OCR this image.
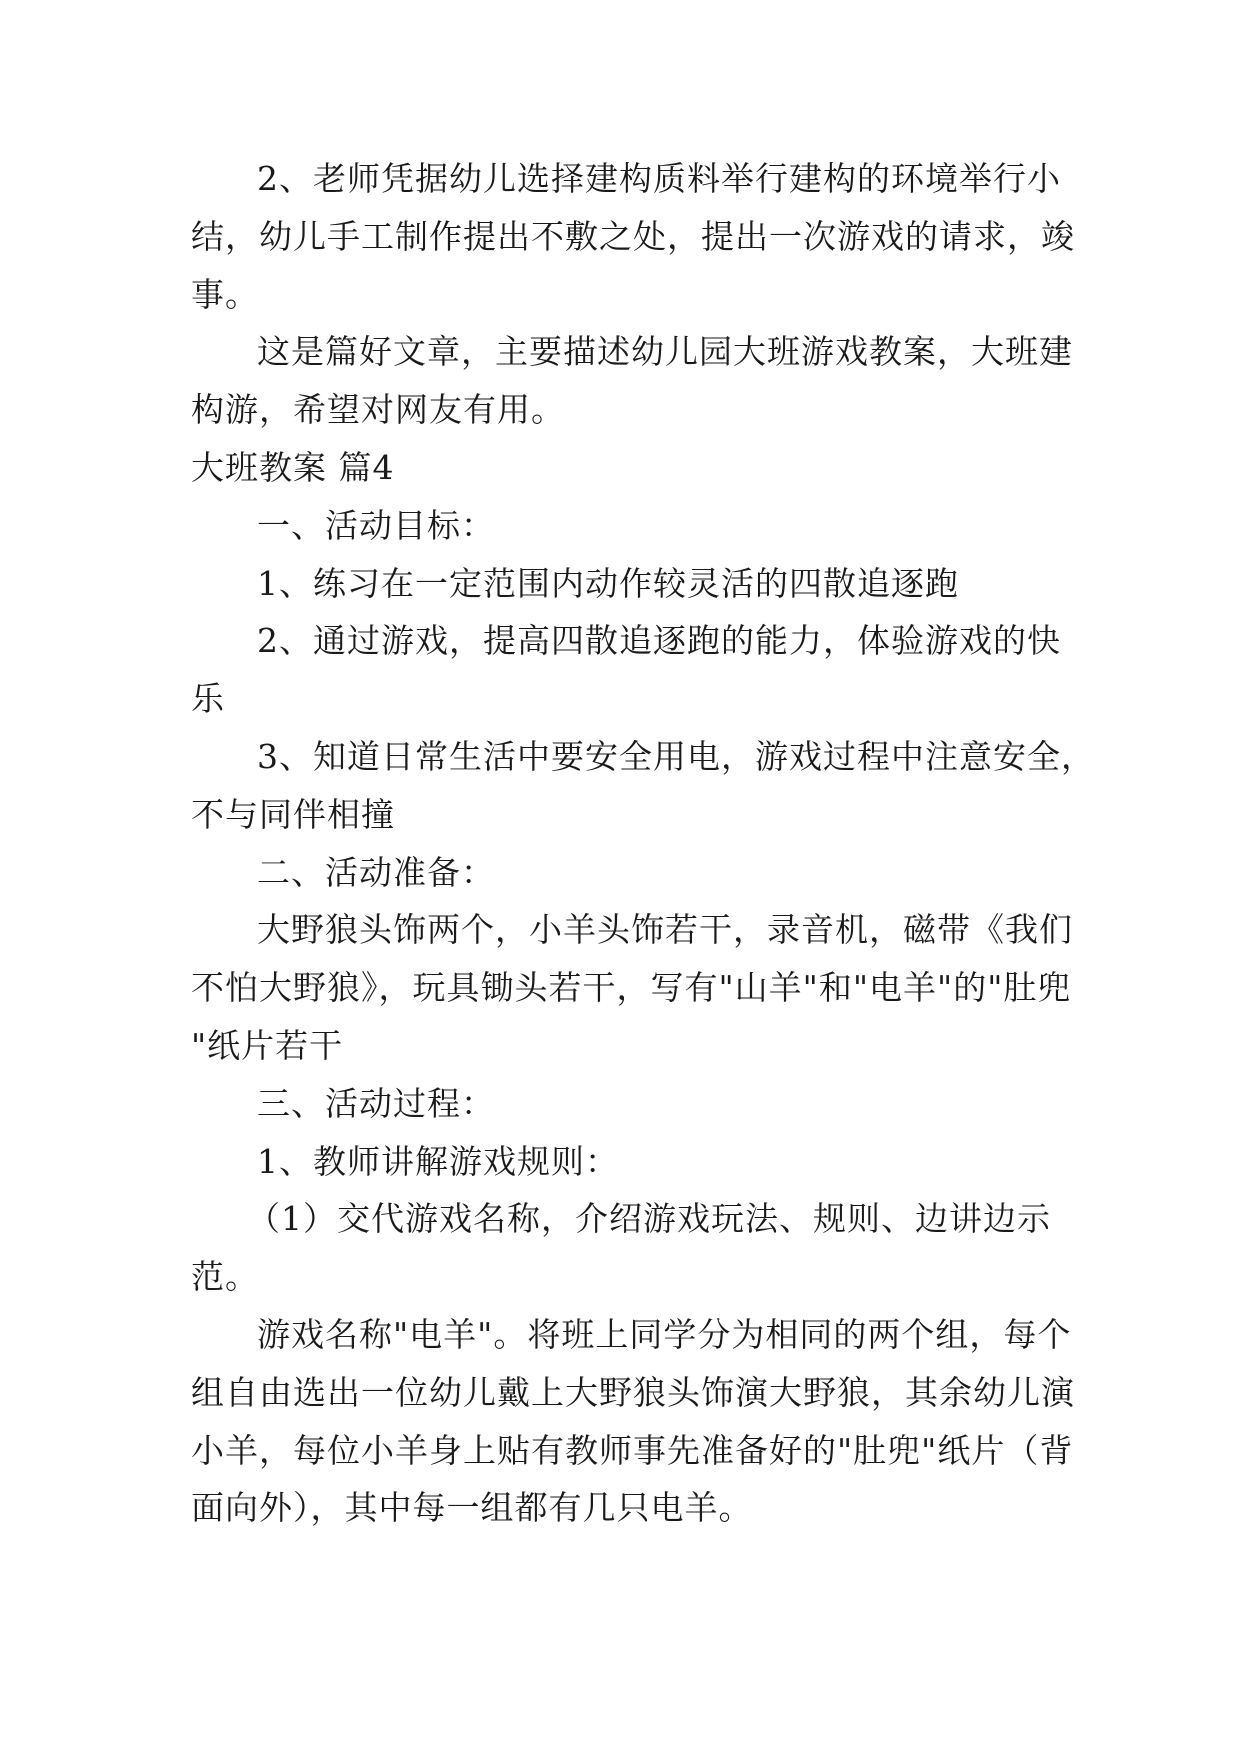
2、老师凭据幼儿选择建构质料举行建构的环境举行小
结，幼儿手工制作提出不敷之处，提出一次游戏的请求，竣
事。
这是篇好文章，主要描述幼儿园大班游戏教案，大班建
构游，希望对网友有用。
大班教案 篇4
一、活动目标：
1、练习在一定范围内动作较灵活的四散追逐跑
2、通过游戏，提高四散追逐跑的能力，体验游戏的快
乐
3、知道日常生活中要安全用电，游戏过程中注意安全，
不与同伴相撞
二、活动准备：
大野狼头饰两个，小羊头饰若干，录音机，磁带《我们
不怕大野狼》，玩具锄头若干，写有"山羊"和"电羊"的"肚兜
"纸片若干
三、活动过程：
1、教师讲解游戏规则：
（1）交代游戏名称，介绍游戏玩法、规则、边讲边示
范。
游戏名称"电羊"。将班上同学分为相同的两个组，每个
组自由选出一位幼儿戴上大野狼头饰演大野狼，其余幼儿演
小羊，每位小羊身上贴有教师事先准备好的"肚兜"纸片（背
面向外），其中每一组都有几只电羊。
